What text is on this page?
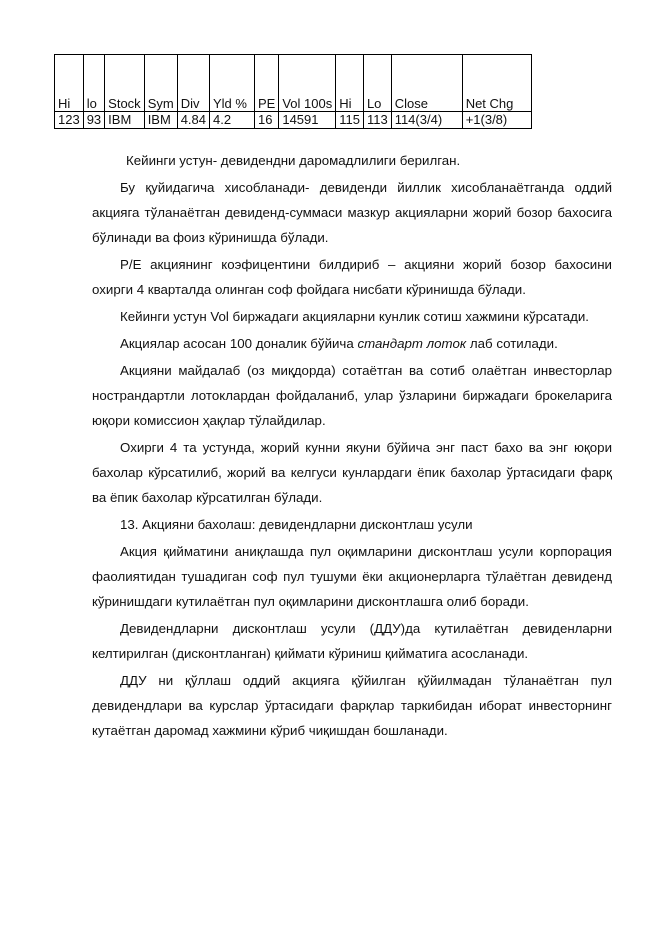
Hi	lo	Stock	Sym	Div	Yld %	PE	Vol 100s	Hi	Lo	Close	Net Chg
123	93	IBM	IBM	4.84	4.2	16	14591	115	113	114(3/4)	+1(3/8)

Кейинги устун- девидендни даромадлилиги берилган.

Бу қуйидагича хисобланади- девиденди йиллик хисобланаётганда оддий акцияга тўланаётган девиденд-суммаси мазкур акцияларни жорий бозор бахосига бўлинади ва фоиз кўринишда бўлади.

Р/Е акциянинг коэфицентини билдириб – акцияни жорий бозор бахосини охирги 4 кварталда олинган соф фойдага нисбати кўринишда бўлади.

Кейинги устун Vol биржадаги акцияларни кунлик сотиш хажмини кўрсатади.

Акциялар асосан 100 доналик бўйича стандарт лоток лаб сотилади.

Акцияни майдалаб (оз миқдорда) сотаётган ва сотиб олаётган инвесторлар нострандартли лотоклардан фойдаланиб, улар ўзларини биржадаги брокеларига юқори комиссион ҳақлар тўлайдилар.

Охирги 4 та устунда, жорий кунни якуни бўйича энг паст бахо ва энг юқори бахолар кўрсатилиб, жорий ва келгуси кунлардаги ёпик бахолар ўртасидаги фарқ ва ёпик бахолар кўрсатилган бўлади.

13. Акцияни бахолаш: девидендларни дисконтлаш усули

Акция қийматини аниқлашда пул оқимларини дисконтлаш усули корпорация фаолиятидан тушадиган соф пул тушуми ёки акционерларга тўлаётган девиденд кўринишдаги кутилаётган пул оқимларини дисконтлашга олиб боради.

Девидендларни дисконтлаш усули (ДДУ)да кутилаётган девиденларни келтирилган (дисконтланган) қиймати кўриниш қийматига асосланади.

ДДУ ни қўллаш оддий акцияга қўйилган қўйилмадан тўланаётган пул девидендлари ва курслар ўртасидаги фарқлар таркибидан иборат инвесторнинг кутаётган даромад хажмини кўриб чиқишдан бошланади.
